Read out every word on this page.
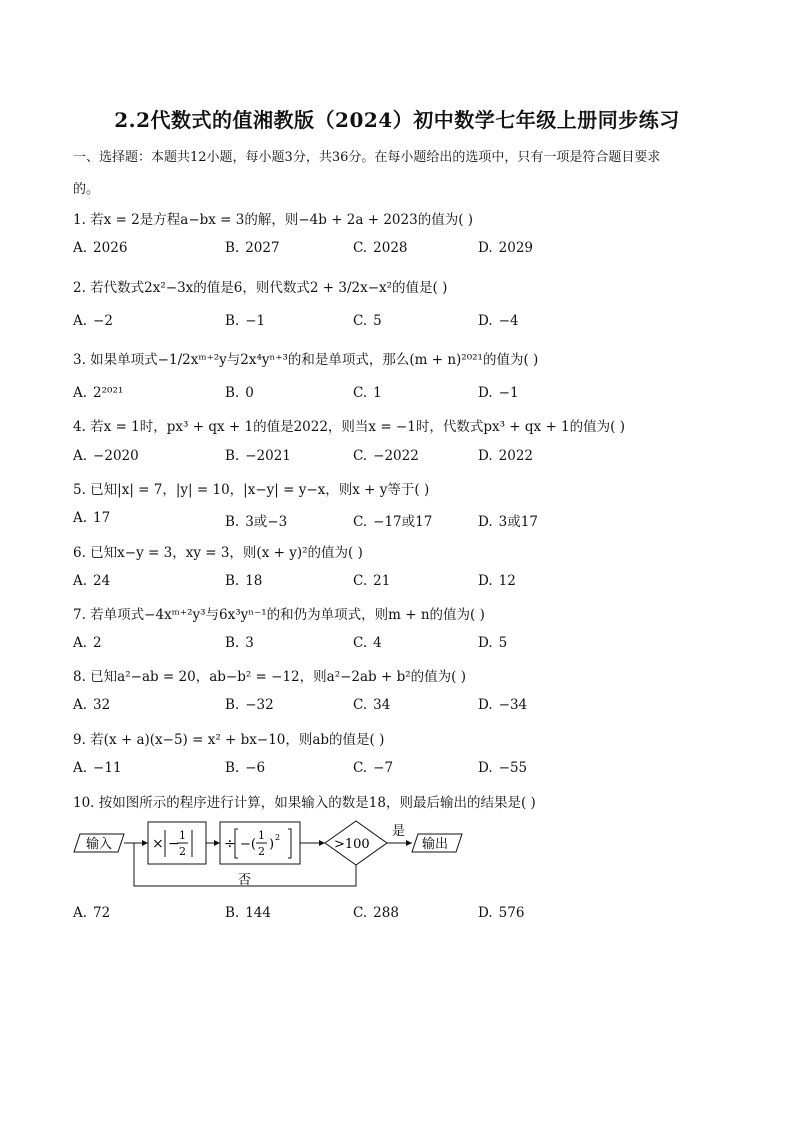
2.2代数式的值湘教版（2024）初中数学七年级上册同步练习
一、选择题：本题共12小题，每小题3分，共36分。在每小题给出的选项中，只有一项是符合题目要求
的。
1. 若x = 2是方程a−bx = 3的解，则−4b + 2a + 2023的值为( )
A. 2026	B. 2027	C. 2028	D. 2029
2. 若代数式2x²−3x的值是6，则代数式2 + 3/2x−x²的值是( )
A. −2	B. −1	C. 5	D. −4
3. 如果单项式−1/2xᵐ⁺²y与2x⁴yⁿ⁺³的和是单项式，那么(m + n)²⁰²¹的值为( )
A. 2²⁰²¹	B. 0	C. 1	D. −1
4. 若x = 1时，px³ + qx + 1的值是2022，则当x = −1时，代数式px³ + qx + 1的值为( )
A. −2020	B. −2021	C. −2022	D. 2022
5. 已知|x| = 7，|y| = 10，|x−y| = y−x，则x + y等于( )
A. 17	B. 3或−3	C. −17或17	D. 3或17
6. 已知x−y = 3，xy = 3，则(x + y)²的值为( )
A. 24	B. 18	C. 21	D. 12
7. 若单项式−4xᵐ⁺²y³与6x³yⁿ⁻¹的和仍为单项式，则m + n的值为( )
A. 2	B. 3	C. 4	D. 5
8. 已知a²−ab = 20，ab−b² = −12，则a²−2ab + b²的值为( )
A. 32	B. −32	C. 34	D. −34
9. 若(x + a)(x−5) = x² + bx−10，则ab的值是( )
A. −11	B. −6	C. −7	D. −55
10. 按如图所示的程序进行计算，如果输入的数是18，则最后输出的结果是( )
A. 72	B. 144	C. 288	D. 576
输入	× −
1
2	÷ −(
1
2 ) 2	>100
是
输出
否
